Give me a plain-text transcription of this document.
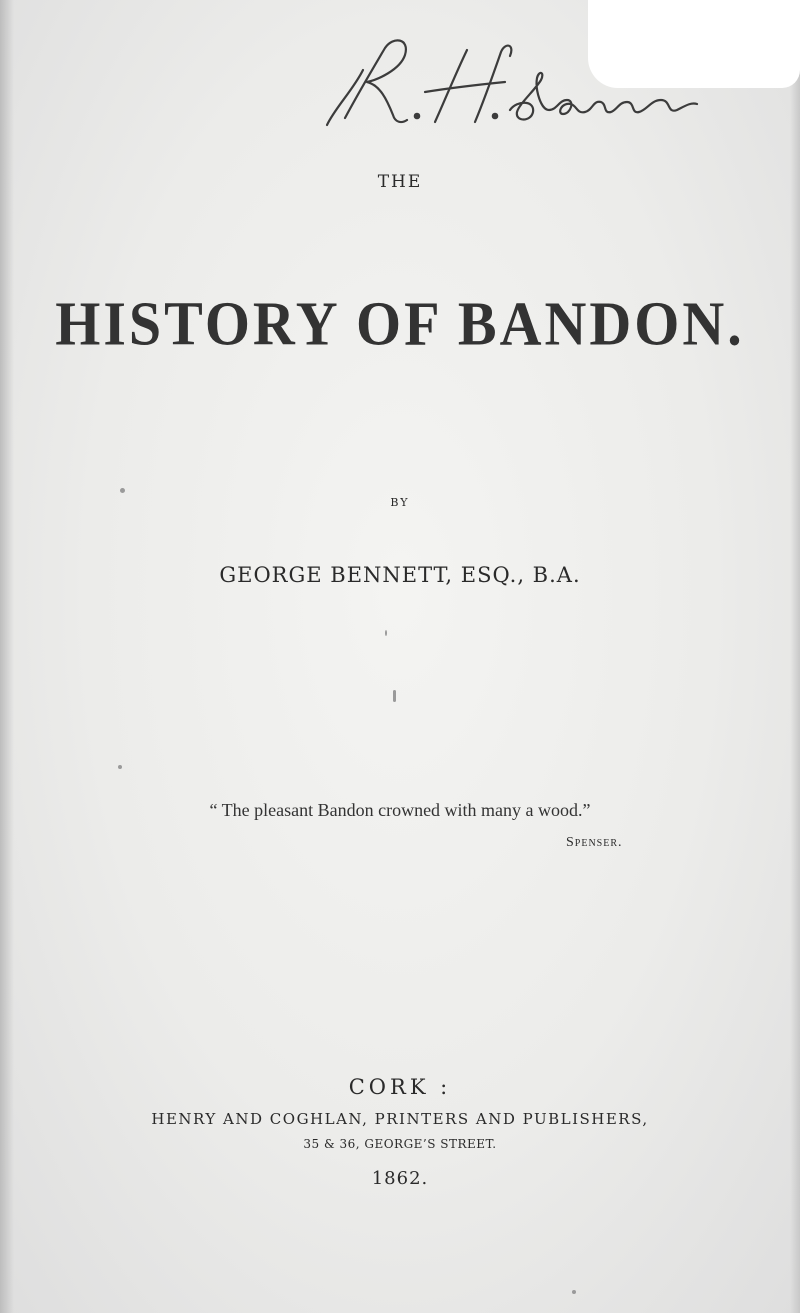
THE
HISTORY OF BANDON.
BY
GEORGE BENNETT, ESQ., B.A.
“ The pleasant Bandon crowned with many a wood.”
Spenser.
CORK :
HENRY AND COGHLAN, PRINTERS AND PUBLISHERS,
35 & 36, GEORGE’S STREET.
1862.
